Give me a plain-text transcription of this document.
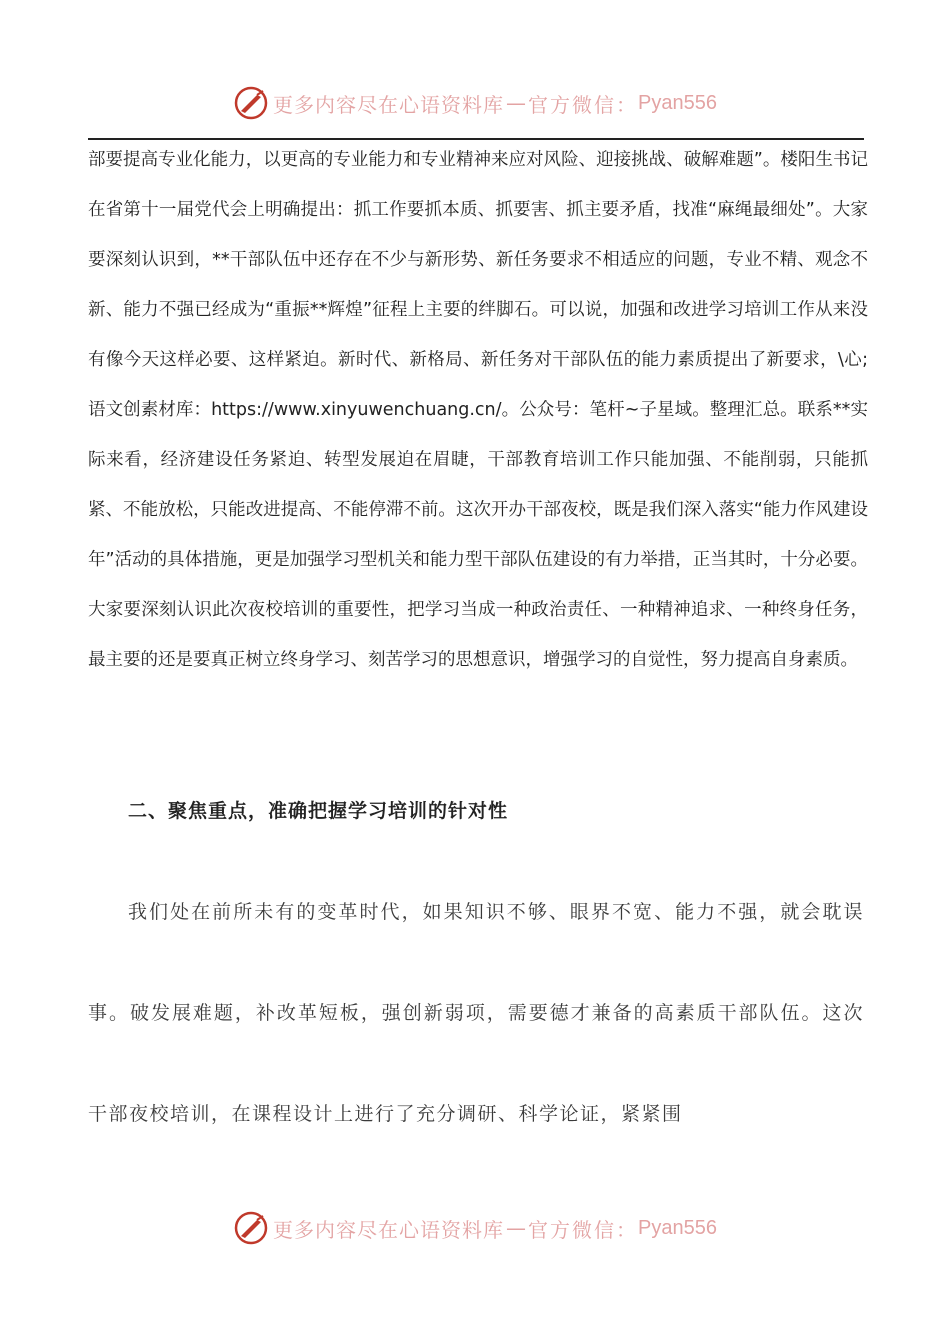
更多内容尽在心语资料库 — 官方微信： Pyan556
部要提高专业化能力，以更高的专业能力和专业精神来应对风险、迎接挑战、破解难题”。楼阳生书记在省第十一届党代会上明确提出：抓工作要抓本质、抓要害、抓主要矛盾，找准“麻绳最细处”。大家要深刻认识到，**干部队伍中还存在不少与新形势、新任务要求不相适应的问题，专业不精、观念不新、能力不强已经成为“重振**辉煌”征程上主要的绊脚石。可以说，加强和改进学习培训工作从来没有像今天这样必要、这样紧迫。新时代、新格局、新任务对干部队伍的能力素质提出了新要求，\心;语文创素材库：https://www.xinyuwenchuang.cn/。公众号：笔杆~子星域。整理汇总。联系**实际来看，经济建设任务紧迫、转型发展迫在眉睫，干部教育培训工作只能加强、不能削弱，只能抓紧、不能放松，只能改进提高、不能停滞不前。这次开办干部夜校，既是我们深入落实“能力作风建设年”活动的具体措施，更是加强学习型机关和能力型干部队伍建设的有力举措，正当其时，十分必要。大家要深刻认识此次夜校培训的重要性，把学习当成一种政治责任、一种精神追求、一种终身任务，最主要的还是要真正树立终身学习、刻苦学习的思想意识，增强学习的自觉性，努力提高自身素质。
二、聚焦重点，准确把握学习培训的针对性
我们处在前所未有的变革时代，如果知识不够、眼界不宽、能力不强，就会耽误事。破发展难题，补改革短板，强创新弱项，需要德才兼备的高素质干部队伍。这次干部夜校培训，在课程设计上进行了充分调研、科学论证，紧紧围
更多内容尽在心语资料库 — 官方微信： Pyan556
